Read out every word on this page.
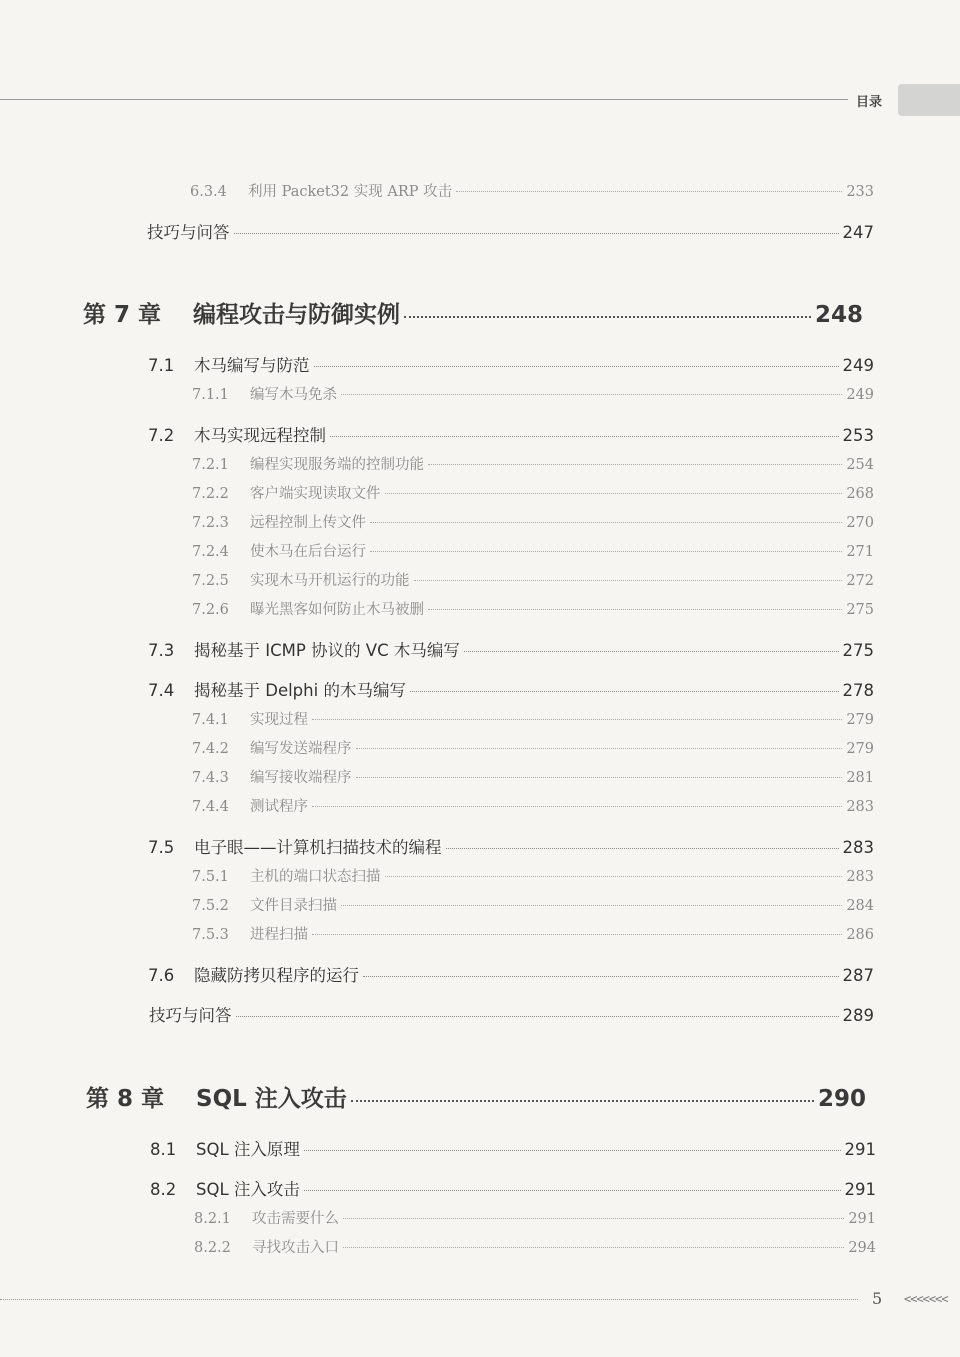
目录
6.3.4	利用 Packet32 实现 ARP 攻击	233
技巧与问答	247
第 7 章	编程攻击与防御实例	248
7.1	木马编写与防范	249
7.1.1	编写木马免杀	249
7.2	木马实现远程控制	253
7.2.1	编程实现服务端的控制功能	254
7.2.2	客户端实现读取文件	268
7.2.3	远程控制上传文件	270
7.2.4	使木马在后台运行	271
7.2.5	实现木马开机运行的功能	272
7.2.6	曝光黑客如何防止木马被删	275
7.3	揭秘基于 ICMP 协议的 VC 木马编写	275
7.4	揭秘基于 Delphi 的木马编写	278
7.4.1	实现过程	279
7.4.2	编写发送端程序	279
7.4.3	编写接收端程序	281
7.4.4	测试程序	283
7.5	电子眼——计算机扫描技术的编程	283
7.5.1	主机的端口状态扫描	283
7.5.2	文件目录扫描	284
7.5.3	进程扫描	286
7.6	隐藏防拷贝程序的运行	287
技巧与问答	289
第 8 章	SQL 注入攻击	290
8.1	SQL 注入原理	291
8.2	SQL 注入攻击	291
8.2.1	攻击需要什么	291
8.2.2	寻找攻击入口	294
5 <<<<<<<
